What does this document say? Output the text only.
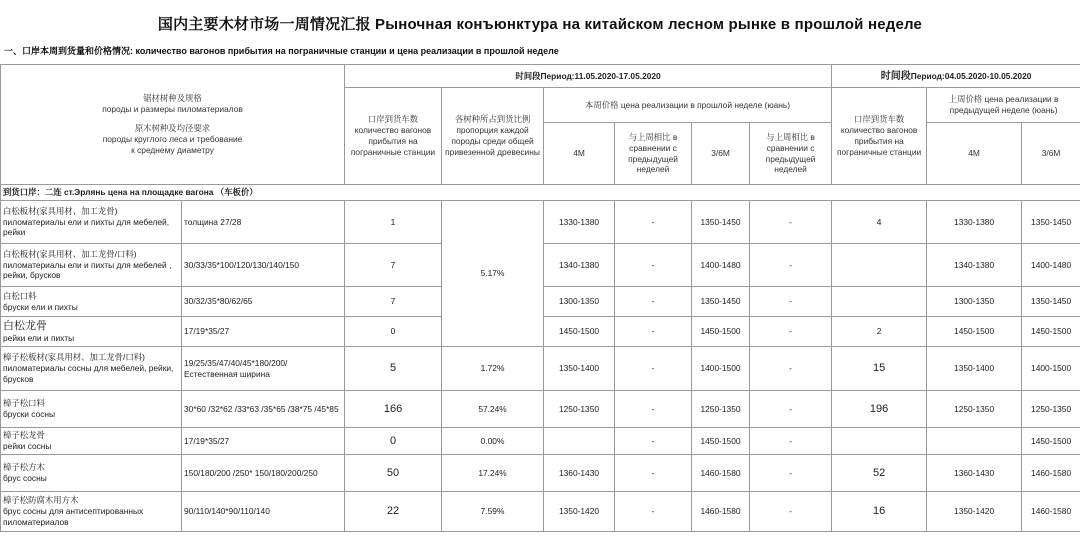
国内主要木材市场一周情况汇报 Рыночная конъюнктура на китайском лесном рынке в прошлой неделе
一、口岸本周到货量和价格情况: количество вагонов прибытия на пограничные станции и цена реализации в прошлой неделе
锯材树种及规格
породы и размеры пиломатериалов
原木树种及均径要求
породы круглого леса и требование
к среднему диаметру		时间段Период:11.05.2020-17.05.2020						时间段Период:04.05.2020-10.05.2020		
		口岸到货车数 количество вагонов прибытия на пограничные станции	各树种所占到货比例 пропорция каждой породы среди общей привезенной древесины	本周价格 цена реализации в прошлой неделе (юань)				口岸到货车数 количество вагонов прибытия на пограничные станции	上周价格 цена реализации в предыдущей неделе (юань)	
				4M	与上周相比 в сравнении с предыдущей неделей	3/6M	与上周相比 в сравнении с предыдущей неделей		4M	3/6M
到货口岸：二连 ст.Эрлянь цена на площадке вагона （车板价）										

白松板材(家具用材、加工龙骨)
пиломатериалы ели и пихты для мебелей, рейки	толщина 27/28	1	5.17%	1330-1380	-	1350-1450	-	4	1330-1380	1350-1450

白松板材(家具用材、加工龙骨/口料)
пиломатериалы ели и пихты для мебелей , рейки, брусков	30/33/35*100/120/130/140/150	7		1340-1380	-	1400-1480	-		1340-1380	1400-1480

白松口料
бруски ели и пихты	30/32/35*80/62/65	7		1300-1350	-	1350-1450	-		1300-1350	1350-1450

白松龙骨
рейки ели и пихты	17/19*35/27	0		1450-1500	-	1450-1500	-	2	1450-1500	1450-1500

樟子松板材(家具用材、加工龙骨/口料)
пиломатериалы сосны для мебелей, рейки, брусков	19/25/35/47/40/45*180/200/ Естественная ширина	5	1.72%	1350-1400	-	1400-1500	-	15	1350-1400	1400-1500

樟子松口料
бруски сосны	30*60 /32*62 /33*63 /35*65 /38*75 /45*85	166	57.24%	1250-1350	-	1250-1350	-	196	1250-1350	1250-1350

樟子松龙骨
рейки сосны	17/19*35/27	0	0.00%		-	1450-1500	-			1450-1500

樟子松方木
брус сосны	150/180/200 /250* 150/180/200/250	50	17.24%	1360-1430	-	1460-1580	-	52	1360-1430	1460-1580

樟子松防腐木用方木
брус сосны для антисептированных пиломатериалов	90/110/140*90/110/140	22	7.59%	1350-1420	-	1460-1580	-	16	1350-1420	1460-1580
